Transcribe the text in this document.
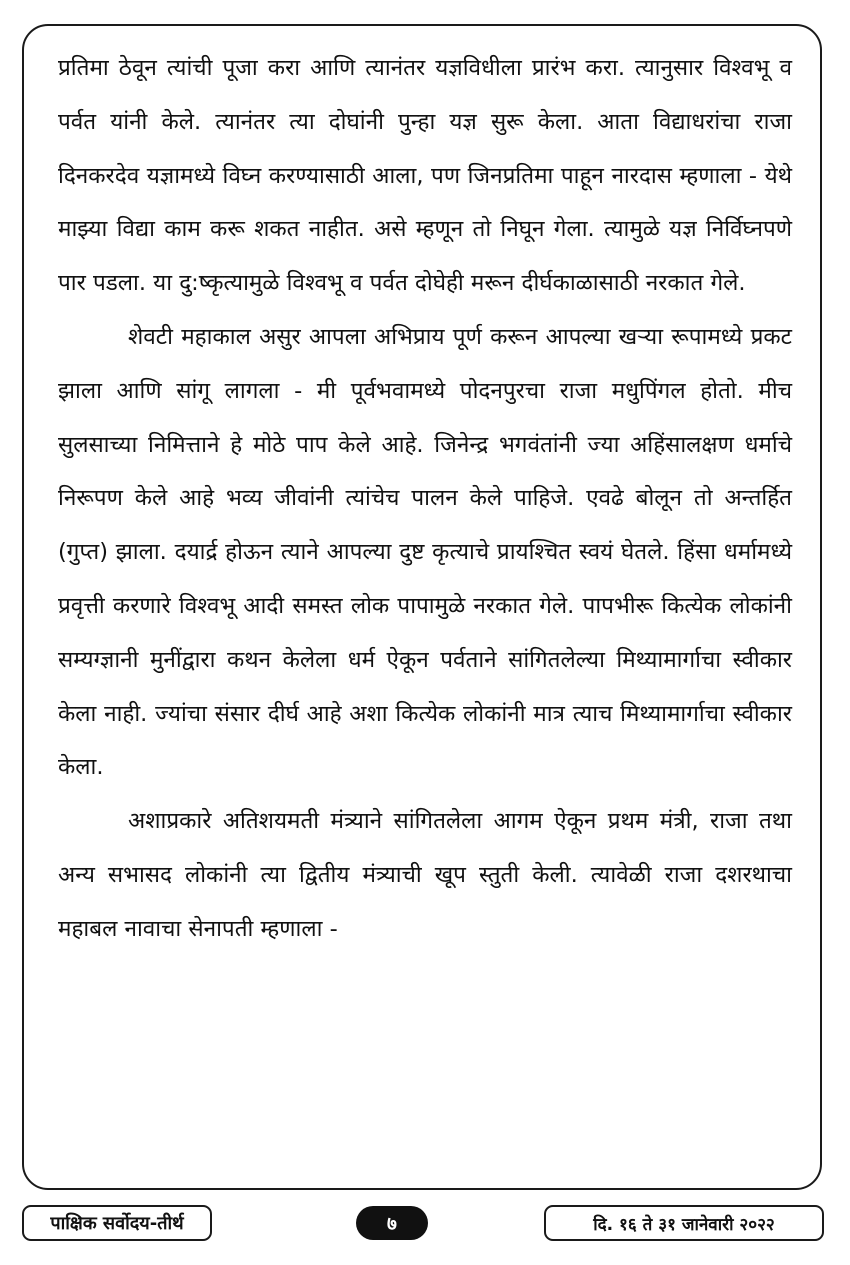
प्रतिमा ठेवून त्यांची पूजा करा आणि त्यानंतर यज्ञविधीला प्रारंभ करा. त्यानुसार विश्वभू व पर्वत यांनी केले. त्यानंतर त्या दोघांनी पुन्हा यज्ञ सुरू केला. आता विद्याधरांचा राजा दिनकरदेव यज्ञामध्ये विघ्न करण्यासाठी आला, पण जिनप्रतिमा पाहून नारदास म्हणाला - येथे माझ्या विद्या काम करू शकत नाहीत. असे म्हणून तो निघून गेला. त्यामुळे यज्ञ निर्विघ्नपणे पार पडला. या दु:ष्कृत्यामुळे विश्वभू व पर्वत दोघेही मरून दीर्घकाळासाठी नरकात गेले.

शेवटी महाकाल असुर आपला अभिप्राय पूर्ण करून आपल्या खऱ्या रूपामध्ये प्रकट झाला आणि सांगू लागला - मी पूर्वभवामध्ये पोदनपुरचा राजा मधुपिंगल होतो. मीच सुलसाच्या निमित्ताने हे मोठे पाप केले आहे. जिनेन्द्र भगवंतांनी ज्या अहिंसालक्षण धर्माचे निरूपण केले आहे भव्य जीवांनी त्यांचेच पालन केले पाहिजे. एवढे बोलून तो अन्तर्हित (गुप्त) झाला. दयार्द्र होऊन त्याने आपल्या दुष्ट कृत्याचे प्रायश्चित स्वयं घेतले. हिंसा धर्मामध्ये प्रवृत्ती करणारे विश्वभू आदी समस्त लोक पापामुळे नरकात गेले. पापभीरू कित्येक लोकांनी सम्यग्ज्ञानी मुनींद्वारा कथन केलेला धर्म ऐकून पर्वताने सांगितलेल्या मिथ्यामार्गाचा स्वीकार केला नाही. ज्यांचा संसार दीर्घ आहे अशा कित्येक लोकांनी मात्र त्याच मिथ्यामार्गाचा स्वीकार केला.

अशाप्रकारे अतिशयमती मंत्र्याने सांगितलेला आगम ऐकून प्रथम मंत्री, राजा तथा अन्य सभासद लोकांनी त्या द्वितीय मंत्र्याची खूप स्तुती केली. त्यावेळी राजा दशरथाचा महाबल नावाचा सेनापती म्हणाला -

पाक्षिक सर्वोदय-तीर्थ	७	दि. १६ ते ३१ जानेवारी २०२२
